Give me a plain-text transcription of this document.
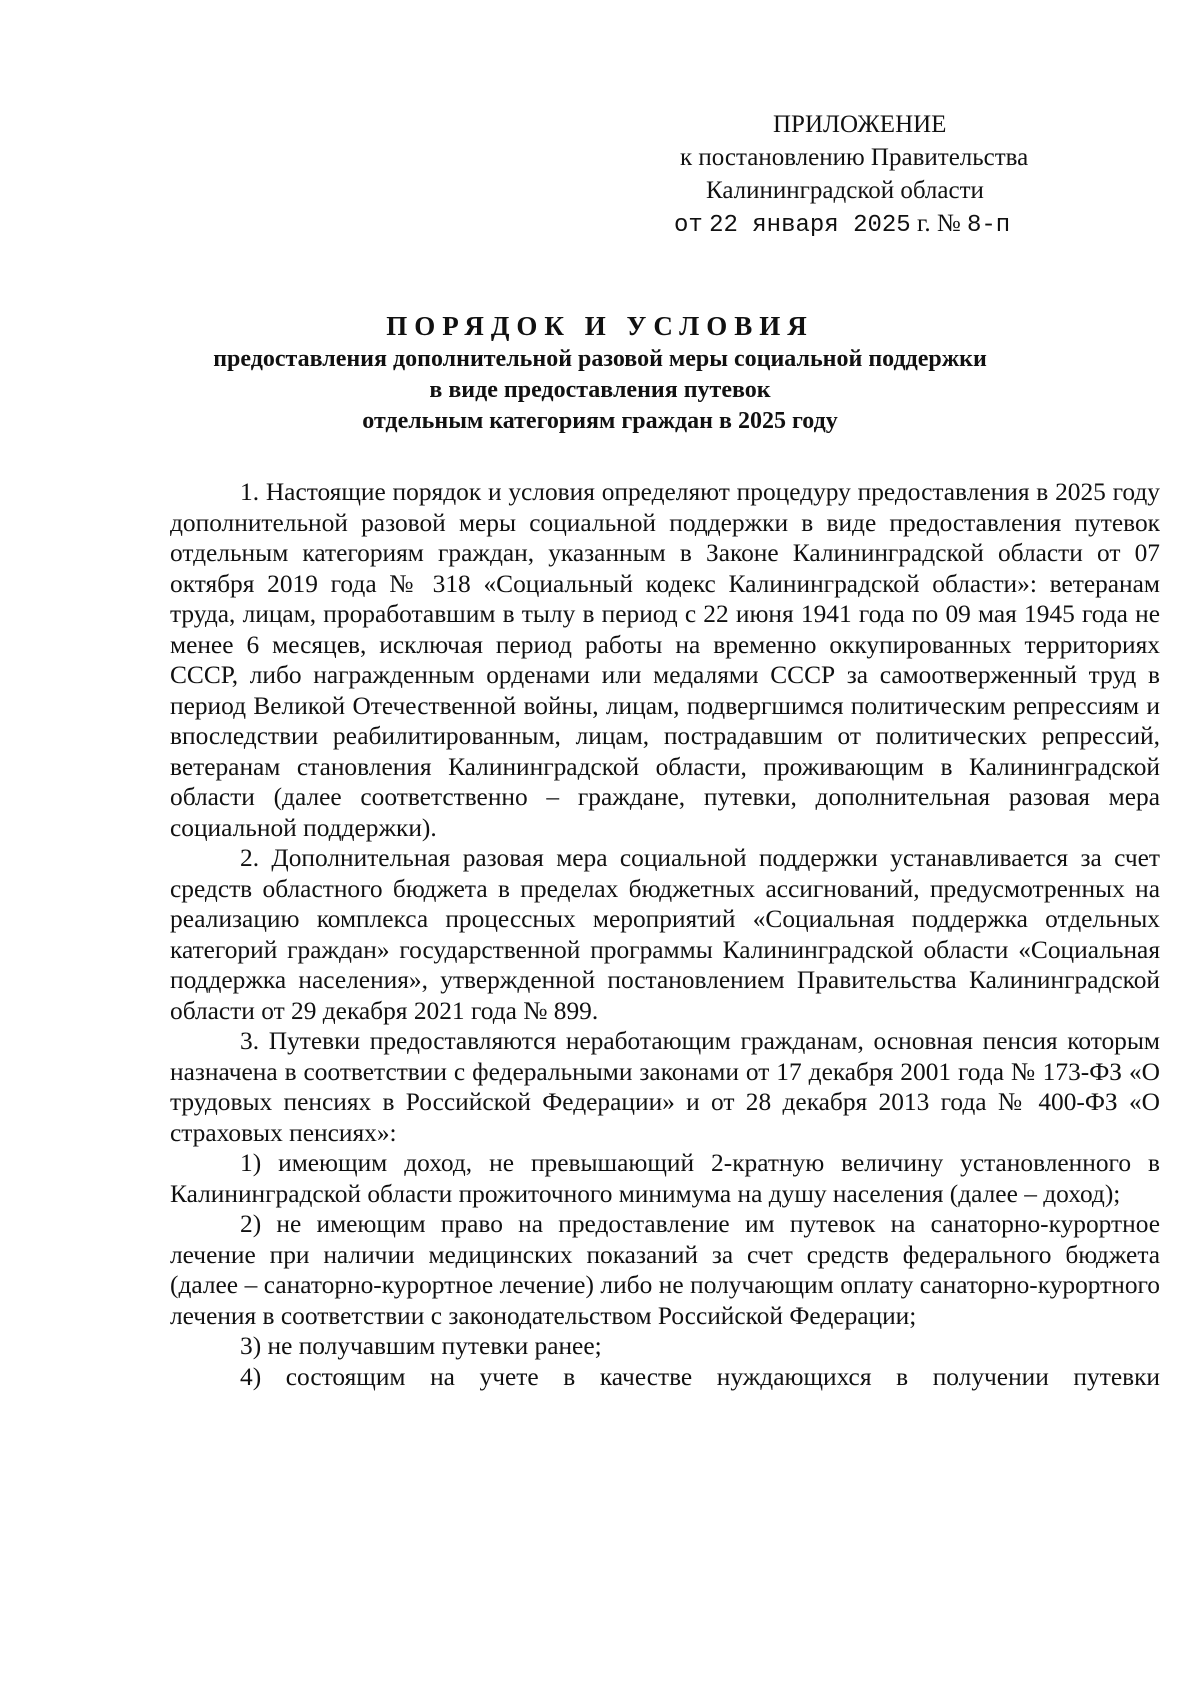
ПРИЛОЖЕНИЕ
к постановлению Правительства
Калининградской области
от 22 января 2025 г. № 8-п
ПОРЯДОК И УСЛОВИЯ
предоставления дополнительной разовой меры социальной поддержки
в виде предоставления путевок
отдельным категориям граждан в 2025 году

1. Настоящие порядок и условия определяют процедуру предоставления в 2025 году дополнительной разовой меры социальной поддержки в виде предоставления путевок отдельным категориям граждан, указанным в Законе Калининградской области от 07 октября 2019 года № 318 «Социальный кодекс Калининградской области»: ветеранам труда, лицам, проработавшим в тылу в период с 22 июня 1941 года по 09 мая 1945 года не менее 6 месяцев, исключая период работы на временно оккупированных территориях СССР, либо награжденным орденами или медалями СССР за самоотверженный труд в период Великой Отечественной войны, лицам, подвергшимся политическим репрессиям и впоследствии реабилитированным, лицам, пострадавшим от политических репрессий, ветеранам становления Калининградской области, проживающим в Калининградской области (далее соответственно – граждане, путевки, дополнительная разовая мера социальной поддержки).

2. Дополнительная разовая мера социальной поддержки устанавливается за счет средств областного бюджета в пределах бюджетных ассигнований, предусмотренных на реализацию комплекса процессных мероприятий «Социальная поддержка отдельных категорий граждан» государственной программы Калининградской области «Социальная поддержка населения», утвержденной постановлением Правительства Калининградской области от 29 декабря 2021 года № 899.

3. Путевки предоставляются неработающим гражданам, основная пенсия которым назначена в соответствии с федеральными законами от 17 декабря 2001 года № 173-ФЗ «О трудовых пенсиях в Российской Федерации» и от 28 декабря 2013 года № 400-ФЗ «О страховых пенсиях»:

1) имеющим доход, не превышающий 2-кратную величину установленного в Калининградской области прожиточного минимума на душу населения (далее – доход);

2) не имеющим право на предоставление им путевок на санаторно-курортное лечение при наличии медицинских показаний за счет средств федерального бюджета (далее – санаторно-курортное лечение) либо не получающим оплату санаторно-курортного лечения в соответствии с законодательством Российской Федерации;

3) не получавшим путевки ранее;

4) состоящим на учете в качестве нуждающихся в получении путевки
